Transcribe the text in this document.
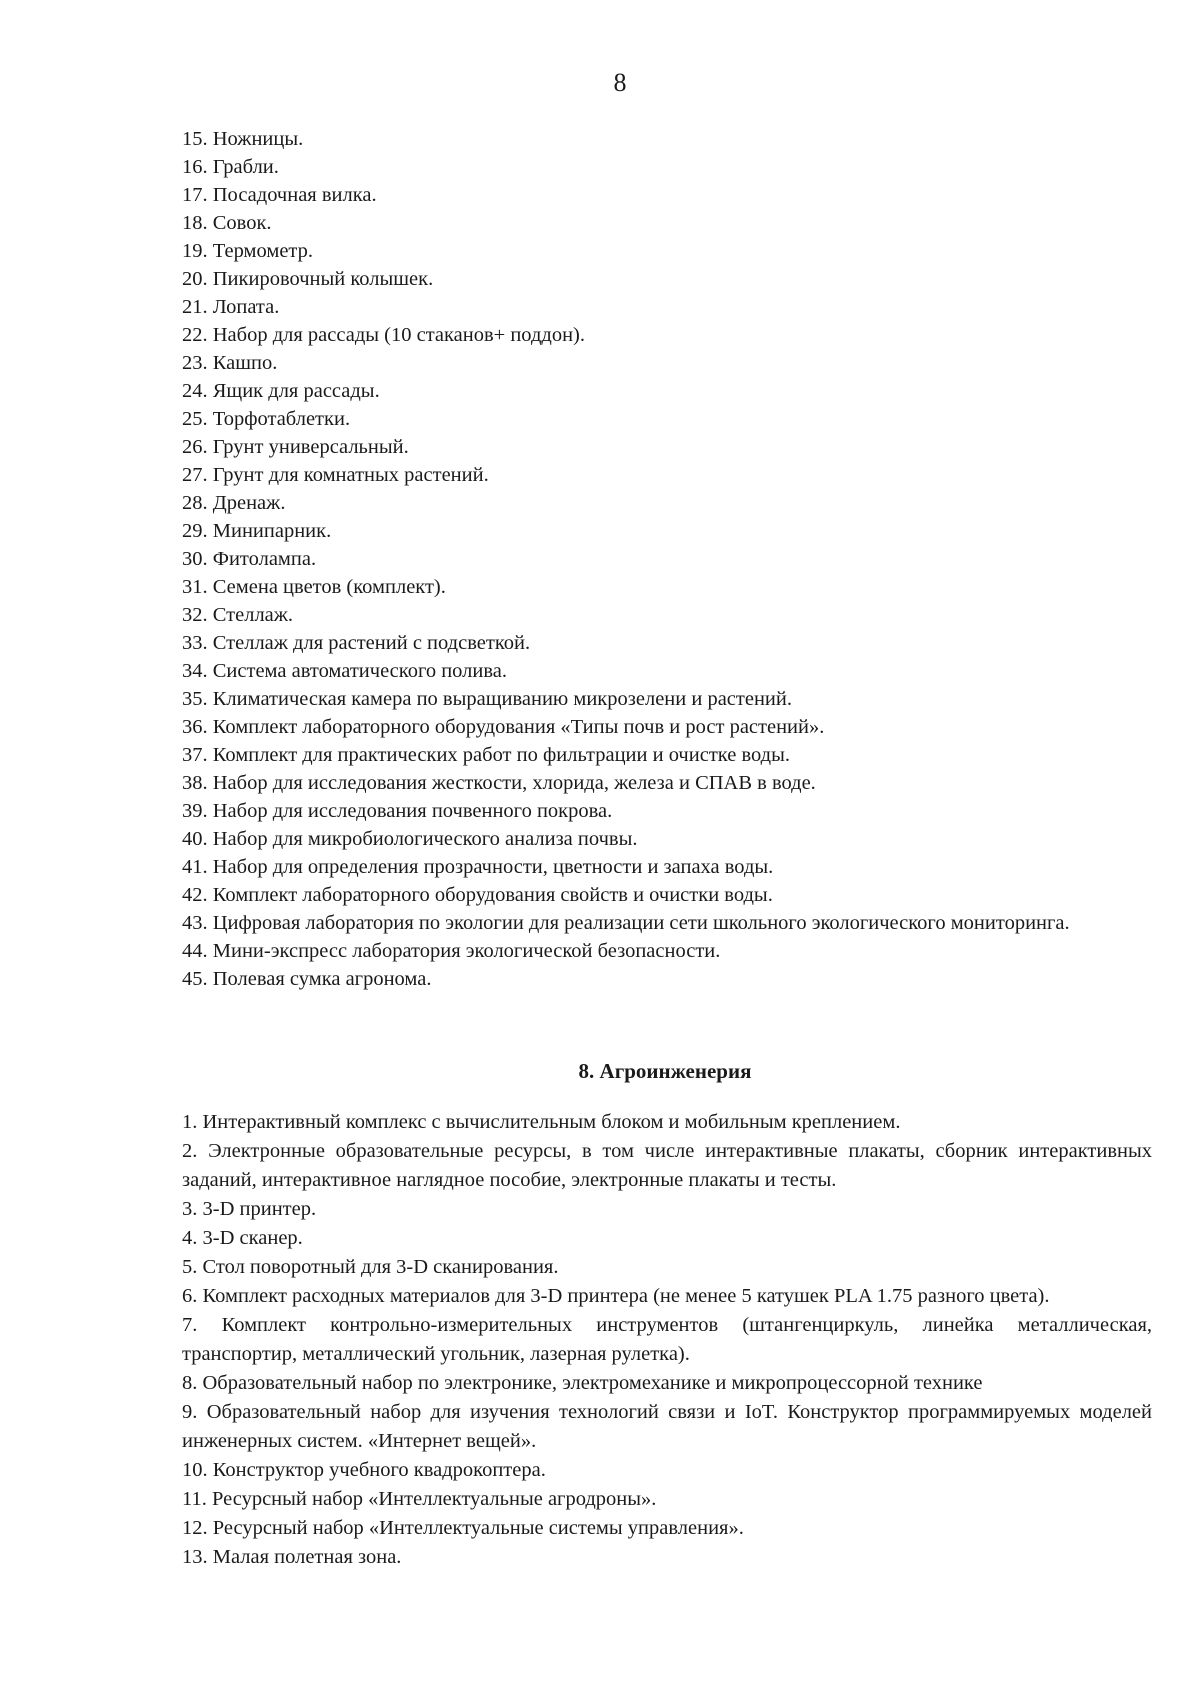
8
15. Ножницы.
16. Грабли.
17. Посадочная вилка.
18. Совок.
19. Термометр.
20. Пикировочный колышек.
21. Лопата.
22. Набор для рассады (10 стаканов+ поддон).
23. Кашпо.
24. Ящик для рассады.
25. Торфотаблетки.
26. Грунт универсальный.
27. Грунт для комнатных растений.
28. Дренаж.
29. Минипарник.
30. Фитолампа.
31. Семена цветов (комплект).
32. Стеллаж.
33. Стеллаж для растений с подсветкой.
34. Система автоматического полива.
35. Климатическая камера по выращиванию микрозелени и растений.
36. Комплект лабораторного оборудования «Типы почв и рост растений».
37. Комплект для практических работ по фильтрации и очистке воды.
38. Набор для исследования жесткости, хлорида, железа и СПАВ в воде.
39. Набор для исследования почвенного покрова.
40. Набор для микробиологического анализа почвы.
41. Набор для определения прозрачности, цветности и запаха воды.
42. Комплект лабораторного оборудования свойств и очистки воды.
43. Цифровая лаборатория по экологии для реализации сети школьного экологического мониторинга.
44. Мини-экспресс лаборатория экологической безопасности.
45. Полевая сумка агронома.
8. Агроинженерия
1. Интерактивный комплекс с вычислительным блоком и мобильным креплением.
2. Электронные образовательные ресурсы, в том числе интерактивные плакаты, сборник интерактивных заданий, интерактивное наглядное пособие, электронные плакаты и тесты.
3. 3-D принтер.
4. 3-D сканер.
5. Стол поворотный для 3-D сканирования.
6. Комплект расходных материалов для 3-D принтера (не менее 5 катушек PLA 1.75 разного цвета).
7. Комплект контрольно-измерительных инструментов (штангенциркуль, линейка металлическая, транспортир, металлический угольник, лазерная рулетка).
8. Образовательный набор по электронике, электромеханике и микропроцессорной технике
9. Образовательный набор для изучения технологий связи и IoT. Конструктор программируемых моделей инженерных систем. «Интернет вещей».
10. Конструктор учебного квадрокоптера.
11. Ресурсный набор «Интеллектуальные агродроны».
12. Ресурсный набор «Интеллектуальные системы управления».
13. Малая полетная зона.
